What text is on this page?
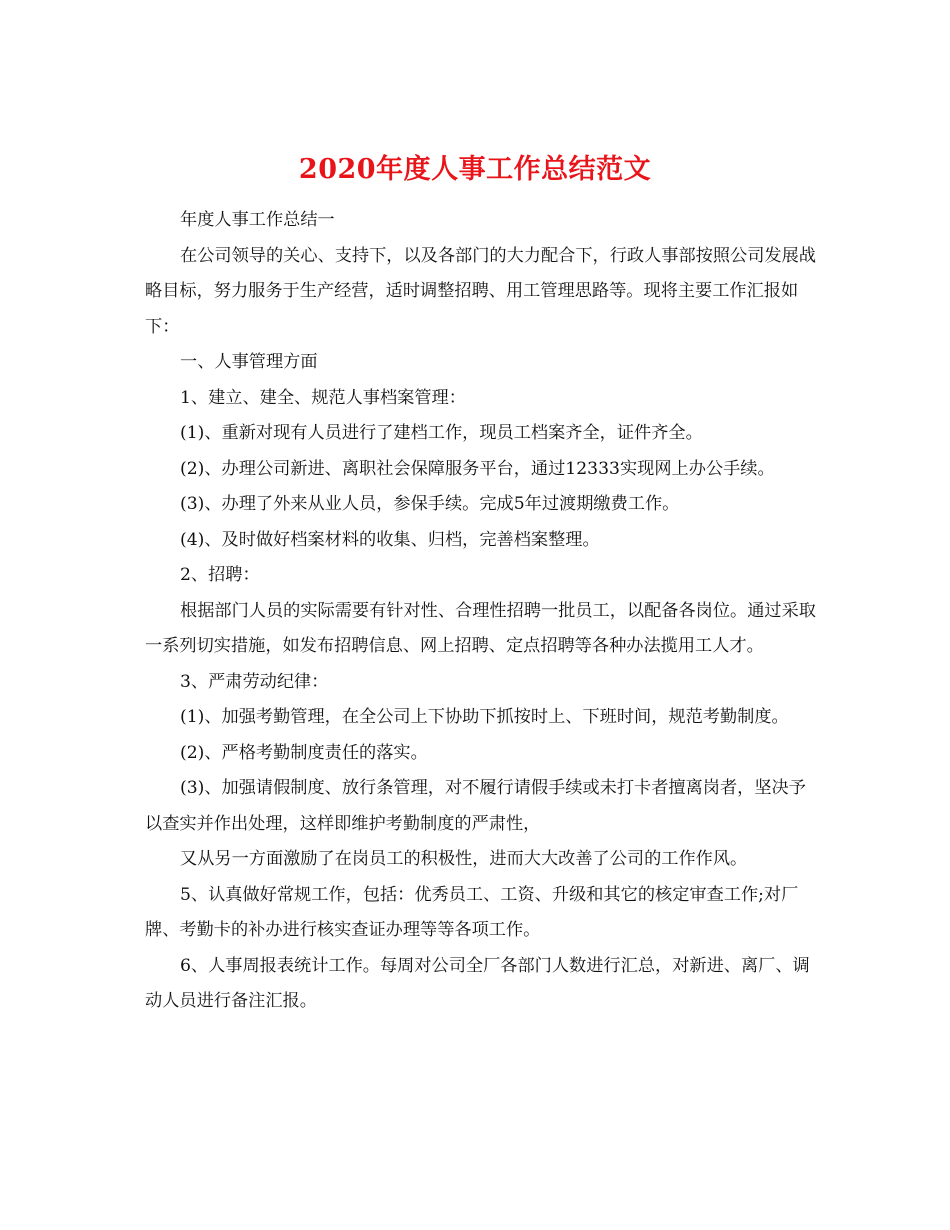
2020年度人事工作总结范文

年度人事工作总结一

在公司领导的关心、支持下，以及各部门的大力配合下，行政人事部按照公司发展战略目标，努力服务于生产经营，适时调整招聘、用工管理思路等。现将主要工作汇报如下：

一、人事管理方面

1、建立、建全、规范人事档案管理：

(1)、重新对现有人员进行了建档工作，现员工档案齐全，证件齐全。

(2)、办理公司新进、离职社会保障服务平台，通过12333实现网上办公手续。

(3)、办理了外来从业人员，参保手续。完成5年过渡期缴费工作。

(4)、及时做好档案材料的收集、归档，完善档案整理。

2、招聘：

根据部门人员的实际需要有针对性、合理性招聘一批员工，以配备各岗位。通过采取一系列切实措施，如发布招聘信息、网上招聘、定点招聘等各种办法揽用工人才。

3、严肃劳动纪律：

(1)、加强考勤管理，在全公司上下协助下抓按时上、下班时间，规范考勤制度。

(2)、严格考勤制度责任的落实。

(3)、加强请假制度、放行条管理，对不履行请假手续或未打卡者擅离岗者，坚决予以查实并作出处理，这样即维护考勤制度的严肃性，

又从另一方面激励了在岗员工的积极性，进而大大改善了公司的工作作风。

5、认真做好常规工作，包括：优秀员工、工资、升级和其它的核定审查工作;对厂牌、考勤卡的补办进行核实查证办理等等各项工作。

6、人事周报表统计工作。每周对公司全厂各部门人数进行汇总，对新进、离厂、调动人员进行备注汇报。
